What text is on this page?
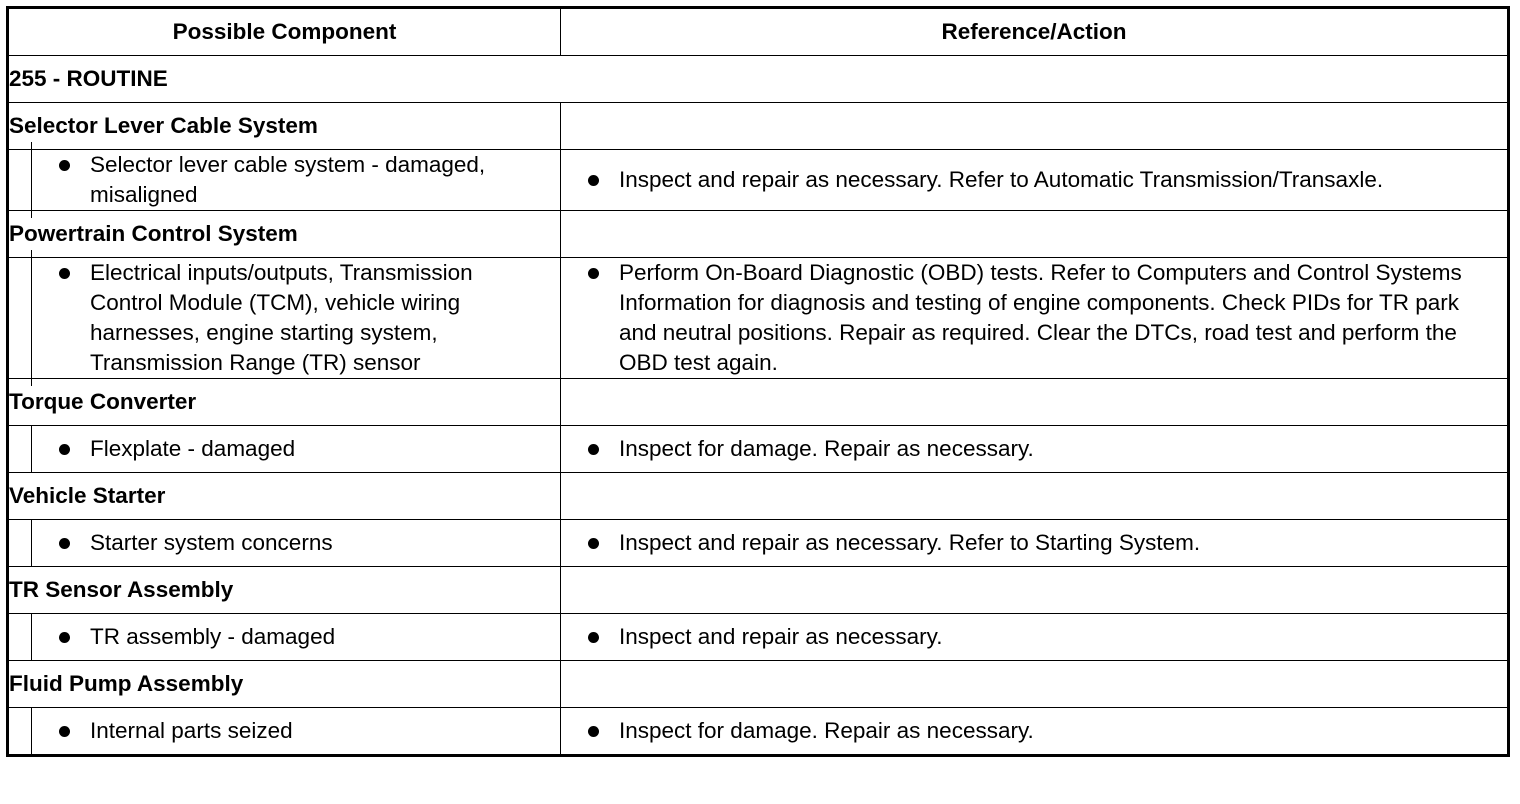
Possible Component	Reference/Action
255 - ROUTINE	
Selector Lever Cable System	

Selector lever cable system - damaged, misaligned	Inspect and repair as necessary. Refer to Automatic Transmission/Transaxle.

Powertrain Control System	

Electrical inputs/outputs, Transmission Control Module (TCM), vehicle wiring harnesses, engine starting system, Transmission Range (TR) sensor	Perform On-Board Diagnostic (OBD) tests. Refer to Computers and Control Systems Information for diagnosis and testing of engine components. Check PIDs for TR park and neutral positions. Repair as required. Clear the DTCs, road test and perform the OBD test again.

Torque Converter	

Flexplate - damaged	Inspect for damage. Repair as necessary.

Vehicle Starter	

Starter system concerns	Inspect and repair as necessary. Refer to Starting System.

TR Sensor Assembly	

TR assembly - damaged	Inspect and repair as necessary.

Fluid Pump Assembly	

Internal parts seized	Inspect for damage. Repair as necessary.
